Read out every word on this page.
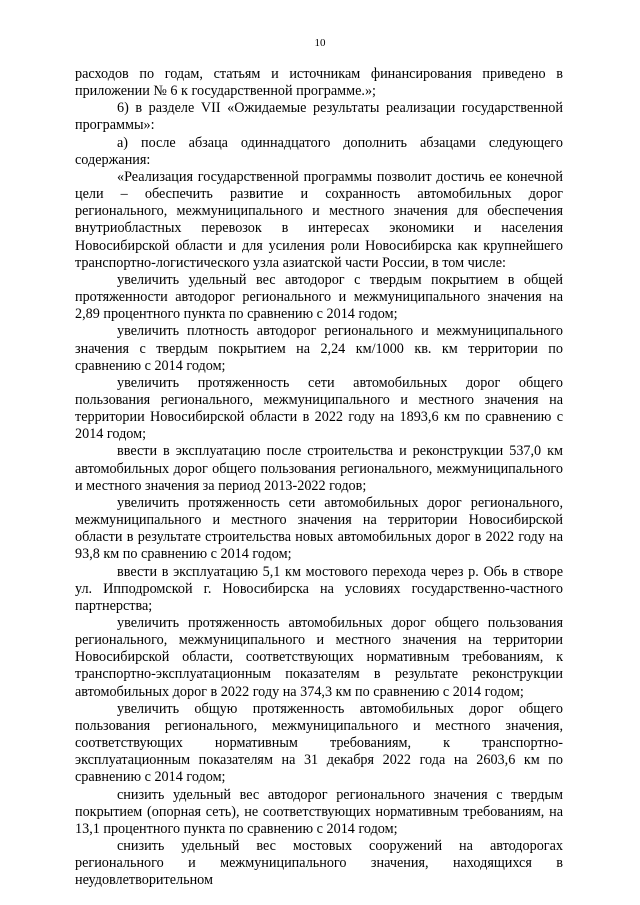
10

расходов по годам, статьям и источникам финансирования приведено в приложении № 6 к государственной программе.»;

6) в разделе VII «Ожидаемые результаты реализации государственной программы»:

а) после абзаца одиннадцатого дополнить абзацами следующего содержания:

«Реализация государственной программы позволит достичь ее конечной цели – обеспечить развитие и сохранность автомобильных дорог регионального, межмуниципального и местного значения для обеспечения внутриобластных перевозок в интересах экономики и населения Новосибирской области и для усиления роли Новосибирска как крупнейшего транспортно-логистического узла азиатской части России, в том числе:

увеличить удельный вес автодорог с твердым покрытием в общей протяженности автодорог регионального и межмуниципального значения на 2,89 процентного пункта по сравнению с 2014 годом;

увеличить плотность автодорог регионального и межмуниципального значения с твердым покрытием на 2,24 км/1000 кв. км территории по сравнению с 2014 годом;

увеличить протяженность сети автомобильных дорог общего пользования регионального, межмуниципального и местного значения на территории Новосибирской области в 2022 году на 1893,6 км по сравнению с 2014 годом;

ввести в эксплуатацию после строительства и реконструкции 537,0 км автомобильных дорог общего пользования регионального, межмуниципального и местного значения за период 2013-2022 годов;

увеличить протяженность сети автомобильных дорог регионального, межмуниципального и местного значения на территории Новосибирской области в результате строительства новых автомобильных дорог в 2022 году на 93,8 км по сравнению с 2014 годом;

ввести в эксплуатацию 5,1 км мостового перехода через р. Обь в створе ул. Ипподромской г. Новосибирска на условиях государственно-частного партнерства;

увеличить протяженность автомобильных дорог общего пользования регионального, межмуниципального и местного значения на территории Новосибирской области, соответствующих нормативным требованиям, к транспортно-эксплуатационным показателям в результате реконструкции автомобильных дорог в 2022 году на 374,3 км по сравнению с 2014 годом;

увеличить общую протяженность автомобильных дорог общего пользования регионального, межмуниципального и местного значения, соответствующих нормативным требованиям, к транспортно-эксплуатационным показателям на 31 декабря 2022 года на 2603,6 км по сравнению с 2014 годом;

снизить удельный вес автодорог регионального значения с твердым покрытием (опорная сеть), не соответствующих нормативным требованиям, на 13,1 процентного пункта по сравнению с 2014 годом;

снизить удельный вес мостовых сооружений на автодорогах регионального и межмуниципального значения, находящихся в неудовлетворительном
